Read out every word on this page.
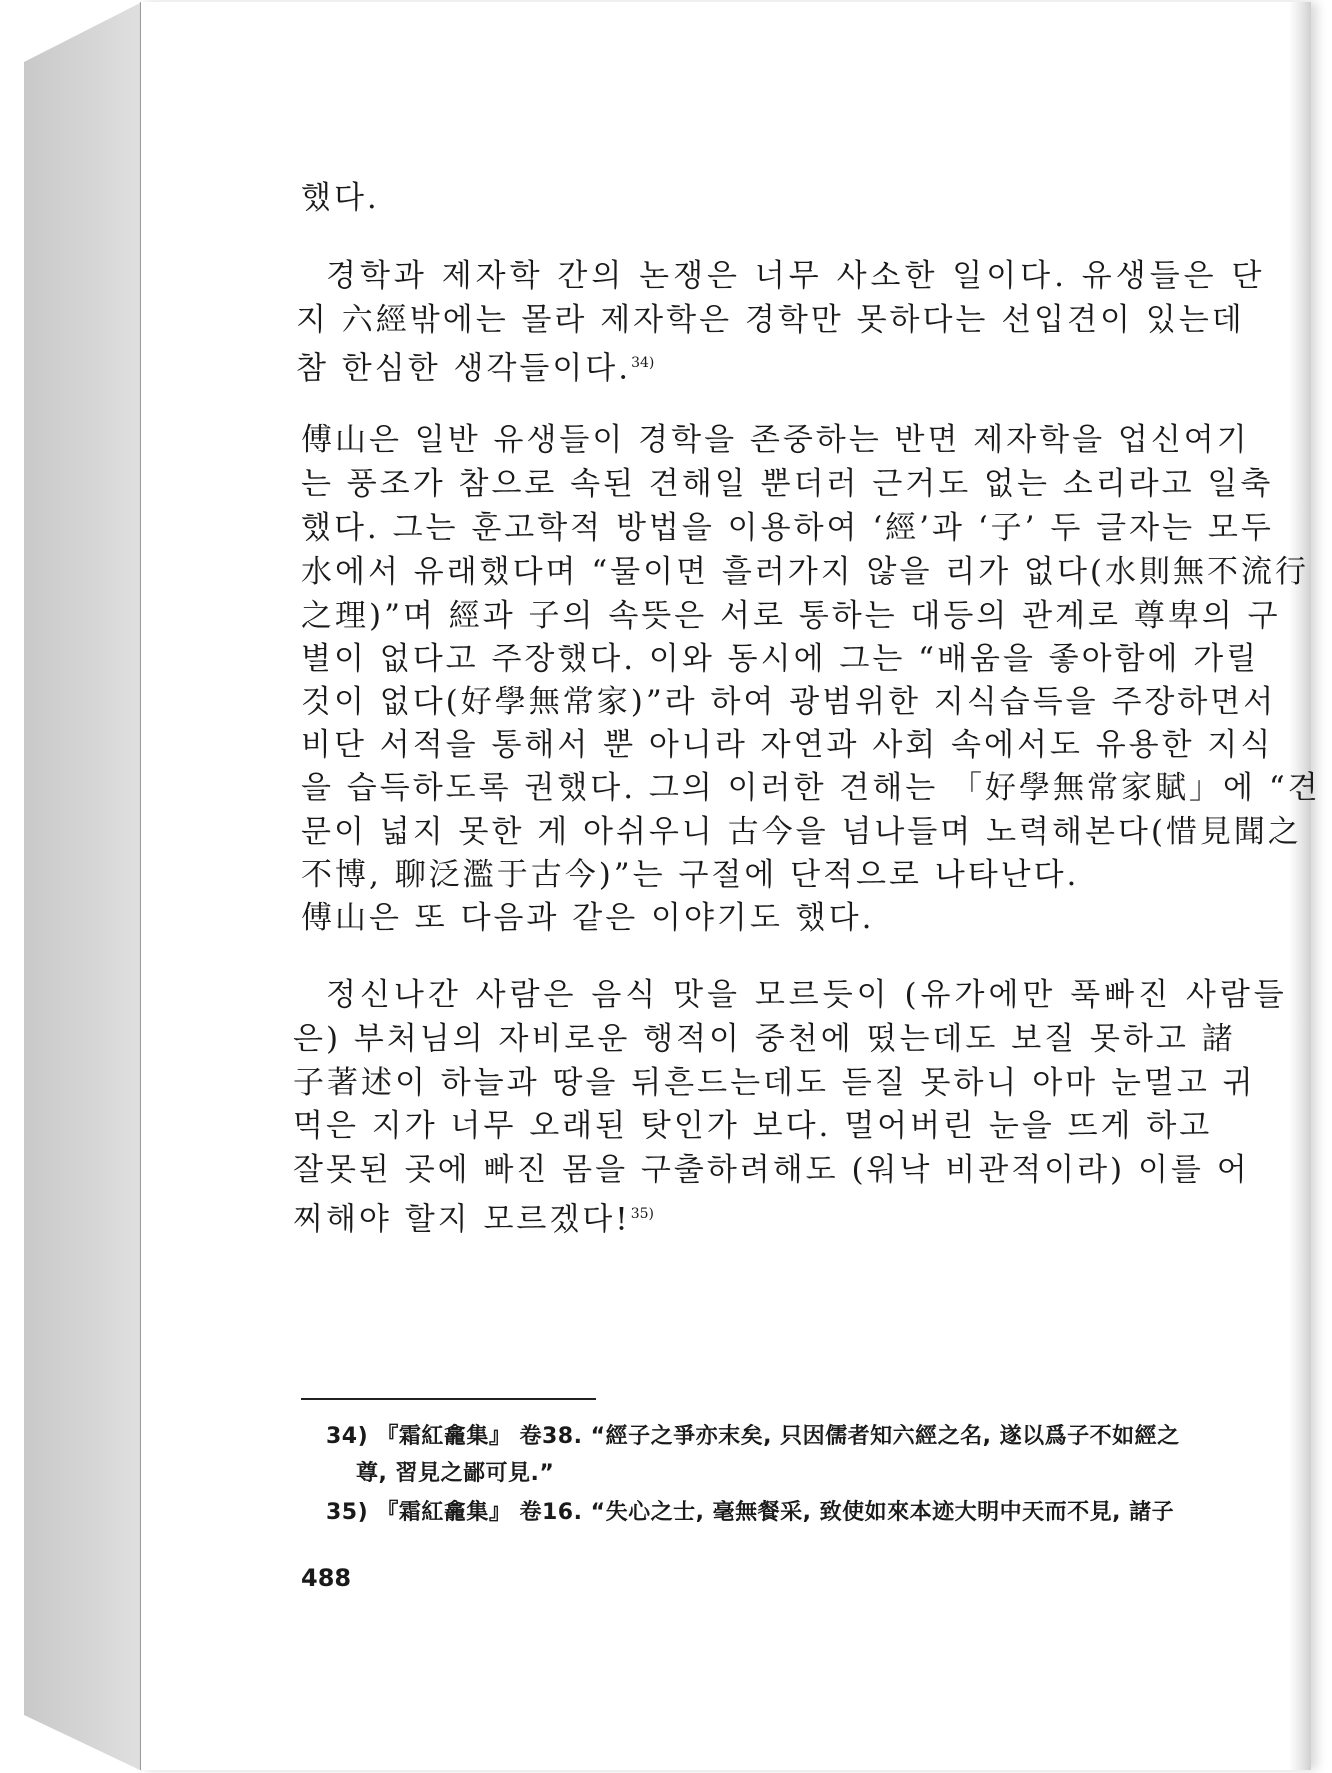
했다.
경학과 제자학 간의 논쟁은 너무 사소한 일이다. 유생들은 단
지 六經밖에는 몰라 제자학은 경학만 못하다는 선입견이 있는데
참 한심한 생각들이다.$^{34)}$
傅山은 일반 유생들이 경학을 존중하는 반면 제자학을 업신여기
는 풍조가 참으로 속된 견해일 뿐더러 근거도 없는 소리라고 일축
했다. 그는 훈고학적 방법을 이용하여 ‘經’과 ‘子’ 두 글자는 모두
水에서 유래했다며 “물이면 흘러가지 않을 리가 없다(水則無不流行
之理)”며 經과 子의 속뜻은 서로 통하는 대등의 관계로 尊卑의 구
별이 없다고 주장했다. 이와 동시에 그는 “배움을 좋아함에 가릴
것이 없다(好學無常家)”라 하여 광범위한 지식습득을 주장하면서
비단 서적을 통해서 뿐 아니라 자연과 사회 속에서도 유용한 지식
을 습득하도록 권했다. 그의 이러한 견해는 「好學無常家賦」에 “견
문이 넓지 못한 게 아쉬우니 古今을 넘나들며 노력해본다(惜見聞之
不博, 聊泛濫于古今)”는 구절에 단적으로 나타난다.
傅山은 또 다음과 같은 이야기도 했다.
정신나간 사람은 음식 맛을 모르듯이 (유가에만 푹빠진 사람들
은) 부처님의 자비로운 행적이 중천에 떴는데도 보질 못하고 諸
子著述이 하늘과 땅을 뒤흔드는데도 듣질 못하니 아마 눈멀고 귀
먹은 지가 너무 오래된 탓인가 보다. 멀어버린 눈을 뜨게 하고
잘못된 곳에 빠진 몸을 구출하려해도 (워낙 비관적이라) 이를 어
찌해야 할지 모르겠다!$^{35)}$
34) 『霜紅龕集』 卷38. “經子之爭亦末矣, 只因儒者知六經之名, 遂以爲子不如經之
尊, 習見之鄙可見.”
35) 『霜紅龕集』 卷16. “失心之士, 毫無餐采, 致使如來本迹大明中天而不見, 諸子
488
